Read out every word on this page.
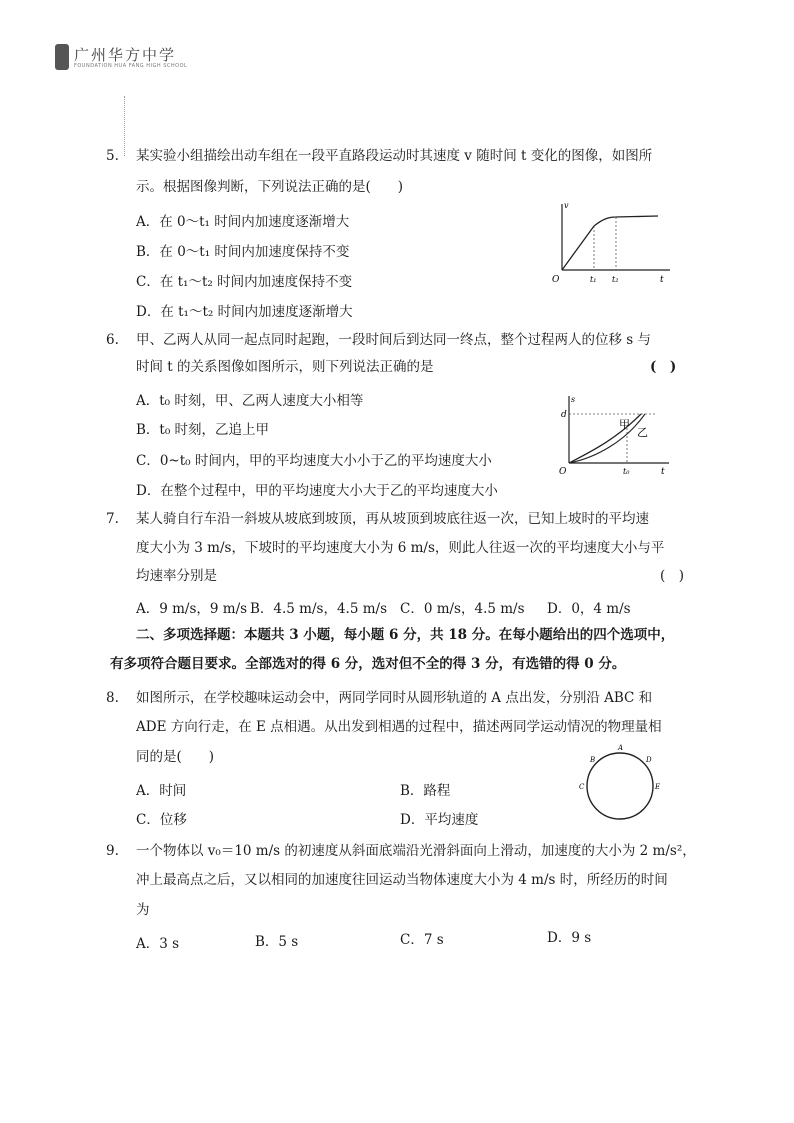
广州华方中学
FOUNDATION HUA FANG HIGH SCHOOL
5. 某实验小组描绘出动车组在一段平直路段运动时其速度 v 随时间 t 变化的图像，如图所
示。根据图像判断，下列说法正确的是(　　)
A．在 0～t₁ 时间内加速度逐渐增大
B．在 0～t₁ 时间内加速度保持不变
C．在 t₁～t₂ 时间内加速度保持不变
D．在 t₁～t₂ 时间内加速度逐渐增大
v
t
O	t₁ t₂
6. 甲、乙两人从同一起点同时起跑，一段时间后到达同一终点，整个过程两人的位移 s 与
时间 t 的关系图像如图所示，则下列说法正确的是	(　)
A．t₀ 时刻，甲、乙两人速度大小相等
B．t₀ 时刻，乙追上甲
C．0~t₀ 时间内，甲的平均速度大小小于乙的平均速度大小
D．在整个过程中，甲的平均速度大小大于乙的平均速度大小
s
d
t
O	t₀
甲
乙
7. 某人骑自行车沿一斜坡从坡底到坡顶，再从坡顶到坡底往返一次，已知上坡时的平均速
度大小为 3 m/s，下坡时的平均速度大小为 6 m/s，则此人往返一次的平均速度大小与平
均速率分别是	(　)
A．9 m/s，9 m/s B．4.5 m/s，4.5 m/s C．0 m/s，4.5 m/s D．0，4 m/s
二、多项选择题：本题共 3 小题，每小题 6 分，共 18 分。在每小题给出的四个选项中，
有多项符合题目要求。全部选对的得 6 分，选对但不全的得 3 分，有选错的得 0 分。
8. 如图所示，在学校趣味运动会中，两同学同时从圆形轨道的 A 点出发，分别沿 ABC 和
ADE 方向行走，在 E 点相遇。从出发到相遇的过程中，描述两同学运动情况的物理量相
同的是(　　)
A．时间	B．路程
C．位移	D．平均速度
A
B	D
C	E
9. 一个物体以 v₀＝10 m/s 的初速度从斜面底端沿光滑斜面向上滑动，加速度的大小为 2 m/s²，
冲上最高点之后，又以相同的加速度往回运动当物体速度大小为 4 m/s 时，所经历的时间
为
A．3 s	B．5 s	C．7 s	D．9 s
